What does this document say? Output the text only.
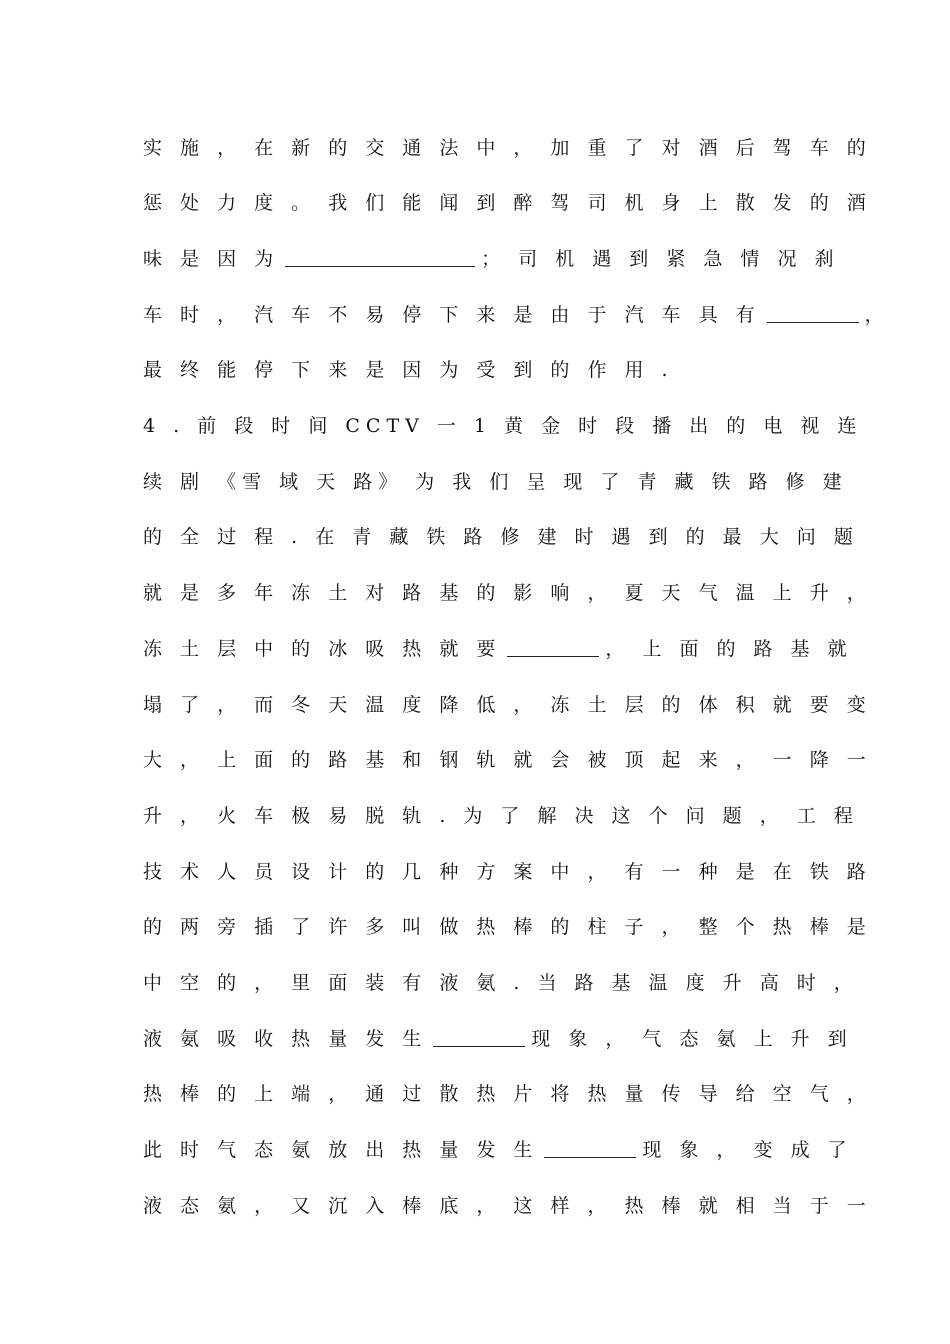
实 施 ， 在 新 的 交 通 法 中 ， 加 重 了 对 酒 后 驾 车 的
惩 处 力 度 。 我 们 能 闻 到 醉 驾 司 机 身 上 散 发 的 酒
味 是 因 为	； 司 机 遇 到 紧 急 情 况 刹
车 时 ， 汽 车 不 易 停 下 来 是 由 于 汽 车 具 有	，
最 终 能 停 下 来 是 因 为 受 到 的 作 用 .
4 . 前 段 时 间 CCTV 一 1 黄 金 时 段 播 出 的 电 视 连
续 剧 《雪 域 天 路》 为 我 们 呈 现 了 青 藏 铁 路 修 建
的 全 过 程 . 在 青 藏 铁 路 修 建 时 遇 到 的 最 大 问 题
就 是 多 年 冻 土 对 路 基 的 影 响 ， 夏 天 气 温 上 升 ，
冻 土 层 中 的 冰 吸 热 就 要	， 上 面 的 路 基 就
塌 了 ， 而 冬 天 温 度 降 低 ， 冻 土 层 的 体 积 就 要 变
大 ， 上 面 的 路 基 和 钢 轨 就 会 被 顶 起 来 ， 一 降 一
升 ， 火 车 极 易 脱 轨 . 为 了 解 决 这 个 问 题 ， 工 程
技 术 人 员 设 计 的 几 种 方 案 中 ， 有 一 种 是 在 铁 路
的 两 旁 插 了 许 多 叫 做 热 棒 的 柱 子 ， 整 个 热 棒 是
中 空 的 ， 里 面 装 有 液 氨 . 当 路 基 温 度 升 高 时 ，
液 氨 吸 收 热 量 发 生	现 象 ， 气 态 氨 上 升 到
热 棒 的 上 端 ， 通 过 散 热 片 将 热 量 传 导 给 空 气 ，
此 时 气 态 氨 放 出 热 量 发 生	现 象 ， 变 成 了
液 态 氨 ， 又 沉 入 棒 底 ， 这 样 ， 热 棒 就 相 当 于 一
